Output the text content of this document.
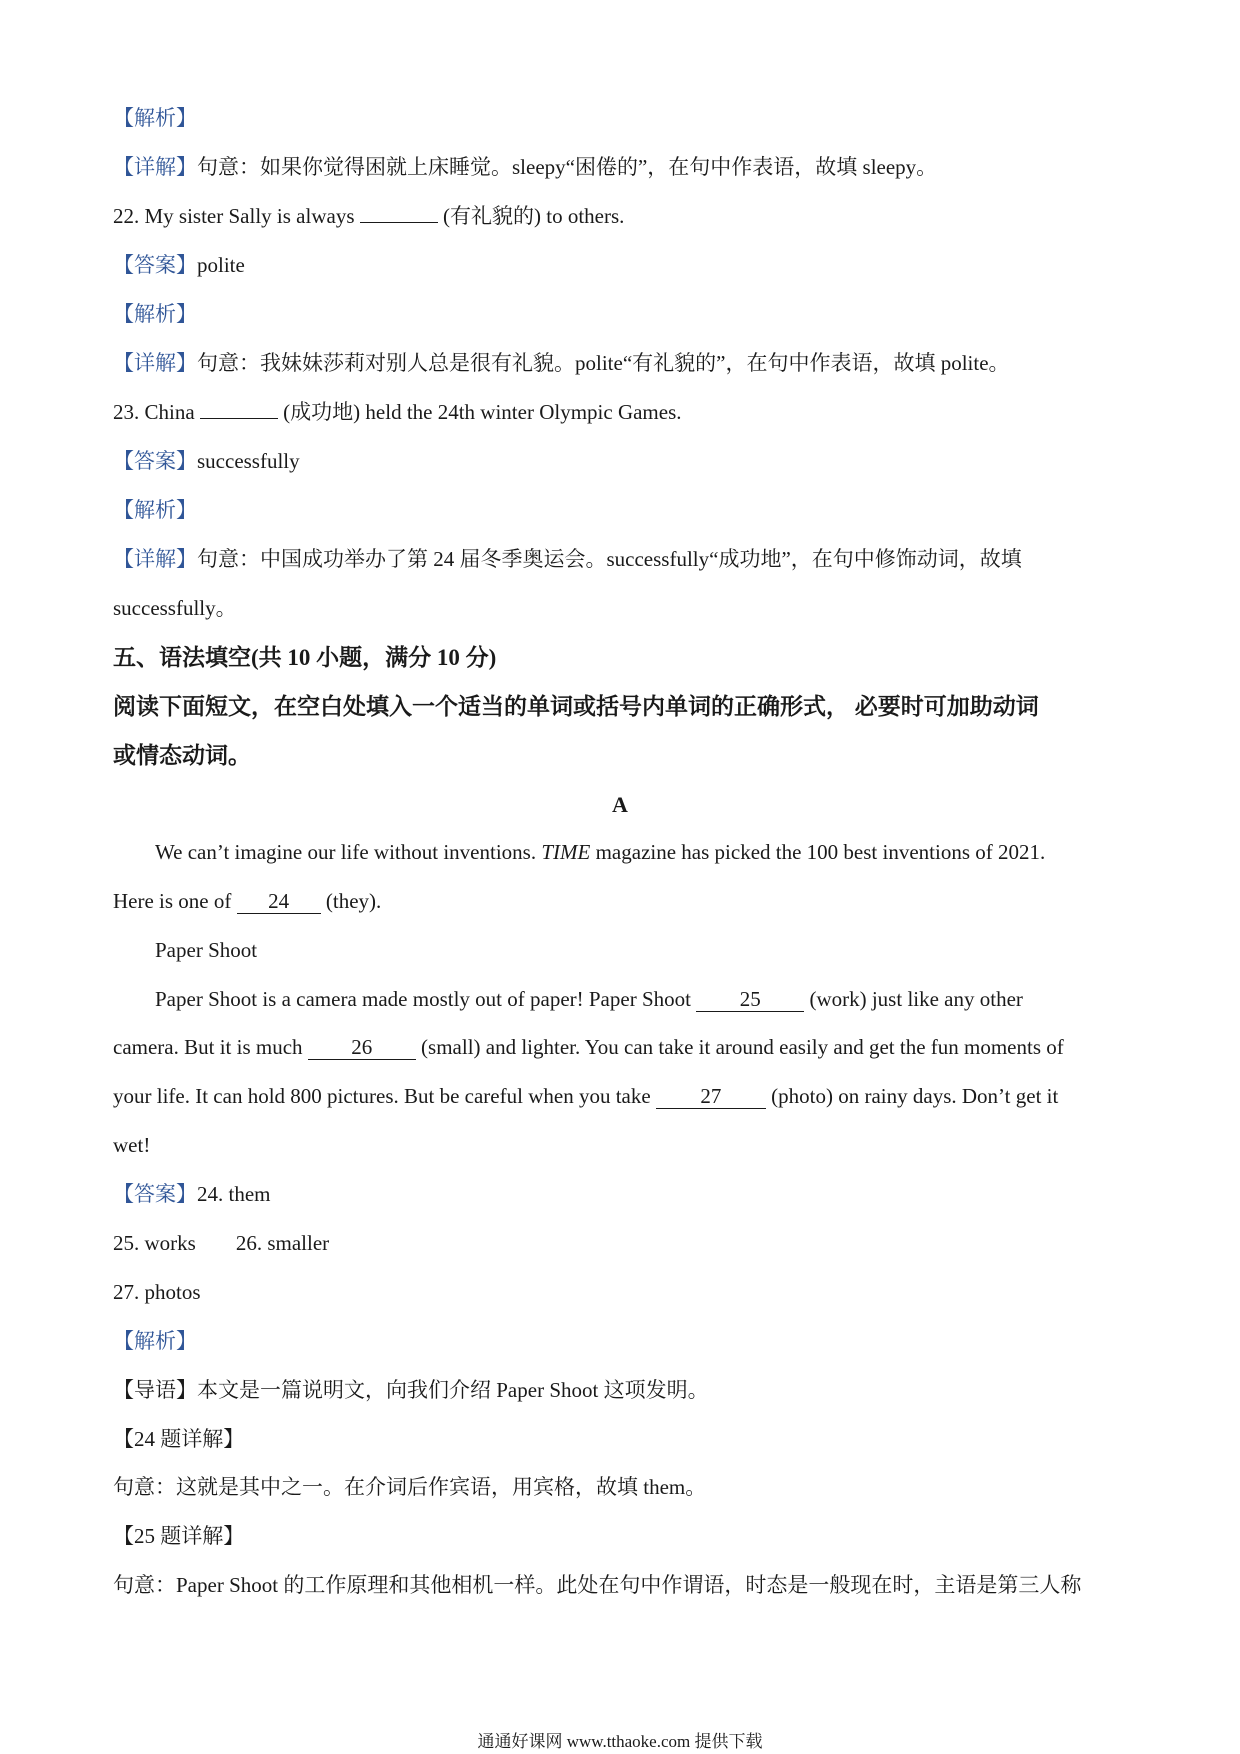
【解析】
【详解】句意：如果你觉得困就上床睡觉。sleepy“困倦的”，在句中作表语，故填 sleepy。
22. My sister Sally is always	(有礼貌的) to others.
【答案】polite
【解析】
【详解】句意：我妹妹莎莉对别人总是很有礼貌。polite“有礼貌的”，在句中作表语，故填 polite。
23. China	(成功地) held the 24th winter Olympic Games.
【答案】successfully
【解析】
【详解】句意：中国成功举办了第 24 届冬季奥运会。successfully“成功地”，在句中修饰动词，故填
successfully。
五、语法填空(共 10 小题，满分 10 分)
阅读下面短文，在空白处填入一个适当的单词或括号内单词的正确形式， 必要时可加助动词
或情态动词。
A
We can’t imagine our life without inventions. TIME magazine has picked the 100 best inventions of 2021.
Here is one of 24 (they).
Paper Shoot
Paper Shoot is a camera made mostly out of paper! Paper Shoot 25 (work) just like any other
camera. But it is much 26 (small) and lighter. You can take it around easily and get the fun moments of
your life. It can hold 800 pictures. But be careful when you take 27 (photo) on rainy days. Don’t get it
wet!
【答案】24. them
25. works 26. smaller
27. photos
【解析】
【导语】本文是一篇说明文，向我们介绍 Paper Shoot 这项发明。
【24 题详解】
句意：这就是其中之一。在介词后作宾语，用宾格，故填 them。
【25 题详解】
句意：Paper Shoot 的工作原理和其他相机一样。此处在句中作谓语，时态是一般现在时，主语是第三人称
通通好课网 www.tthaoke.com 提供下载
